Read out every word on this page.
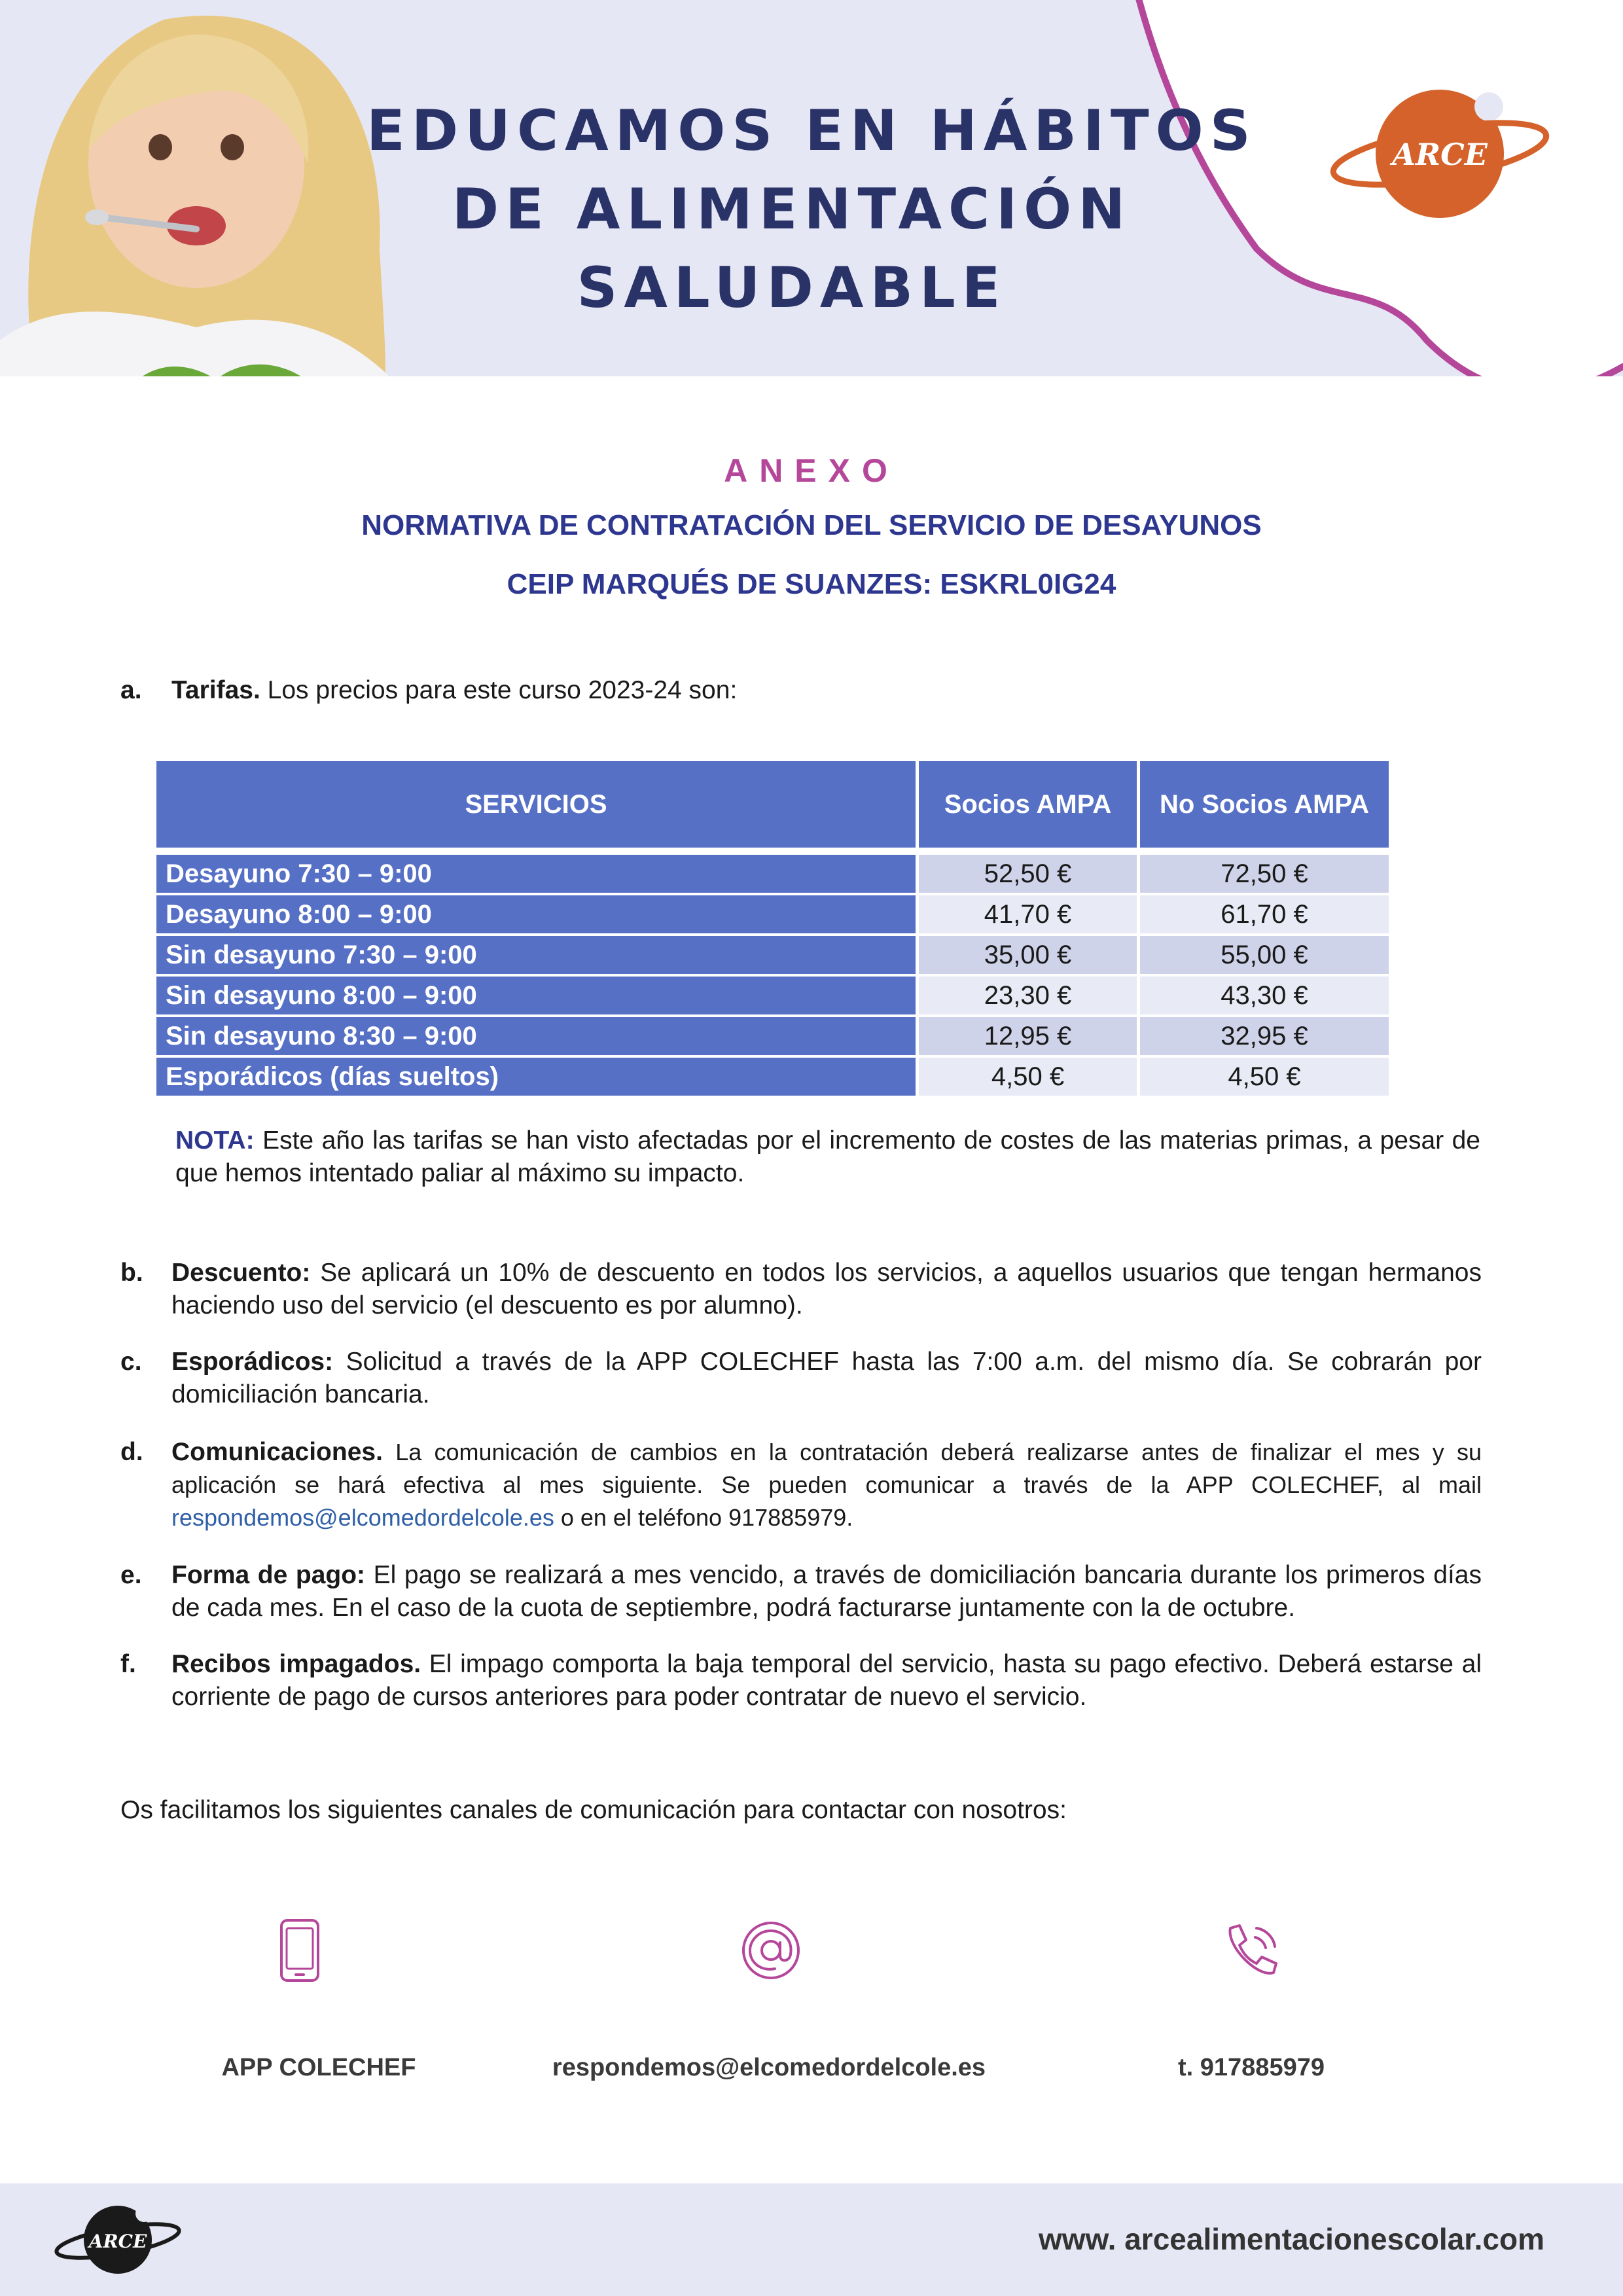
EDUCAMOS EN HÁBITOS
DE ALIMENTACIÓN
SALUDABLE
ARCE
ANEXO
NORMATIVA DE CONTRATACIÓN DEL SERVICIO DE DESAYUNOS
CEIP MARQUÉS DE SUANZES: ESKRL0IG24
a. Tarifas. Los precios para este curso 2023-24 son:
SERVICIOS	Socios AMPA	No Socios AMPA

Desayuno 7:30 – 9:00	52,50 €	72,50 €
Desayuno 8:00 – 9:00	41,70 €	61,70 €
Sin desayuno 7:30 – 9:00	35,00 €	55,00 €
Sin desayuno 8:00 – 9:00	23,30 €	43,30 €
Sin desayuno 8:30 – 9:00	12,95 €	32,95 €
Esporádicos (días sueltos)	4,50 €	4,50 €
NOTA: Este año las tarifas se han visto afectadas por el incremento de costes de las materias primas, a pesar de que hemos intentado paliar al máximo su impacto.
b. Descuento: Se aplicará un 10% de descuento en todos los servicios, a aquellos usuarios que tengan hermanos haciendo uso del servicio (el descuento es por alumno).
c. Esporádicos: Solicitud a través de la APP COLECHEF hasta las 7:00 a.m. del mismo día. Se cobrarán por domiciliación bancaria.
d. Comunicaciones. La comunicación de cambios en la contratación deberá realizarse antes de finalizar el mes y su aplicación se hará efectiva al mes siguiente. Se pueden comunicar a través de la APP COLECHEF, al mail respondemos@elcomedordelcole.es o en el teléfono 917885979.
e. Forma de pago: El pago se realizará a mes vencido, a través de domiciliación bancaria durante los primeros días de cada mes. En el caso de la cuota de septiembre, podrá facturarse juntamente con la de octubre.
f. Recibos impagados. El impago comporta la baja temporal del servicio, hasta su pago efectivo. Deberá estarse al corriente de pago de cursos anteriores para poder contratar de nuevo el servicio.
Os facilitamos los siguientes canales de comunicación para contactar con nosotros:
APP COLECHEF	respondemos@elcomedordelcole.es	t. 917885979
ARCE	www. arcealimentacionescolar.com
